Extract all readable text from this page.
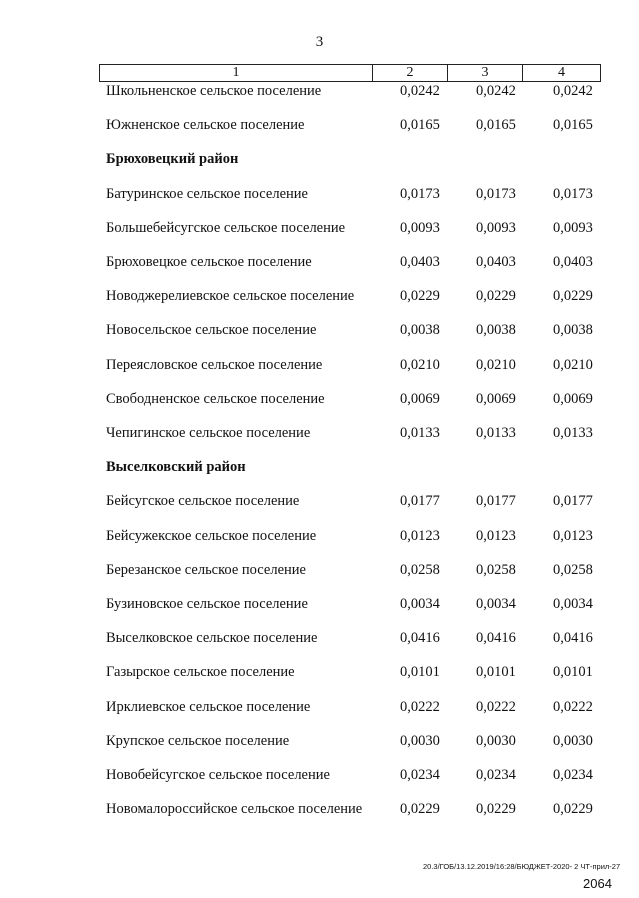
3
1	2	3	4
Школьненское сельское поселение	0,0242	0,0242	0,0242
Южненское сельское поселение	0,0165	0,0165	0,0165
Брюховецкий район
Батуринское сельское поселение	0,0173	0,0173	0,0173
Большебейсугское сельское поселение	0,0093	0,0093	0,0093
Брюховецкое сельское поселение	0,0403	0,0403	0,0403
Новоджерелиевское сельское поселение	0,0229	0,0229	0,0229
Новосельское сельское поселение	0,0038	0,0038	0,0038
Переясловское сельское поселение	0,0210	0,0210	0,0210
Свободненское сельское поселение	0,0069	0,0069	0,0069
Чепигинское сельское поселение	0,0133	0,0133	0,0133
Выселковский район
Бейсугское сельское поселение	0,0177	0,0177	0,0177
Бейсужекское сельское поселение	0,0123	0,0123	0,0123
Березанское сельское поселение	0,0258	0,0258	0,0258
Бузиновское сельское поселение	0,0034	0,0034	0,0034
Выселковское сельское поселение	0,0416	0,0416	0,0416
Газырское сельское поселение	0,0101	0,0101	0,0101
Ирклиевское сельское поселение	0,0222	0,0222	0,0222
Крупское сельское поселение	0,0030	0,0030	0,0030
Новобейсугское сельское поселение	0,0234	0,0234	0,0234
Новомалороссийское сельское поселение	0,0229	0,0229	0,0229
20.3/ГОБ/13.12.2019/16:28/БЮДЖЕТ-2020- 2 ЧТ-прил-27
2064
